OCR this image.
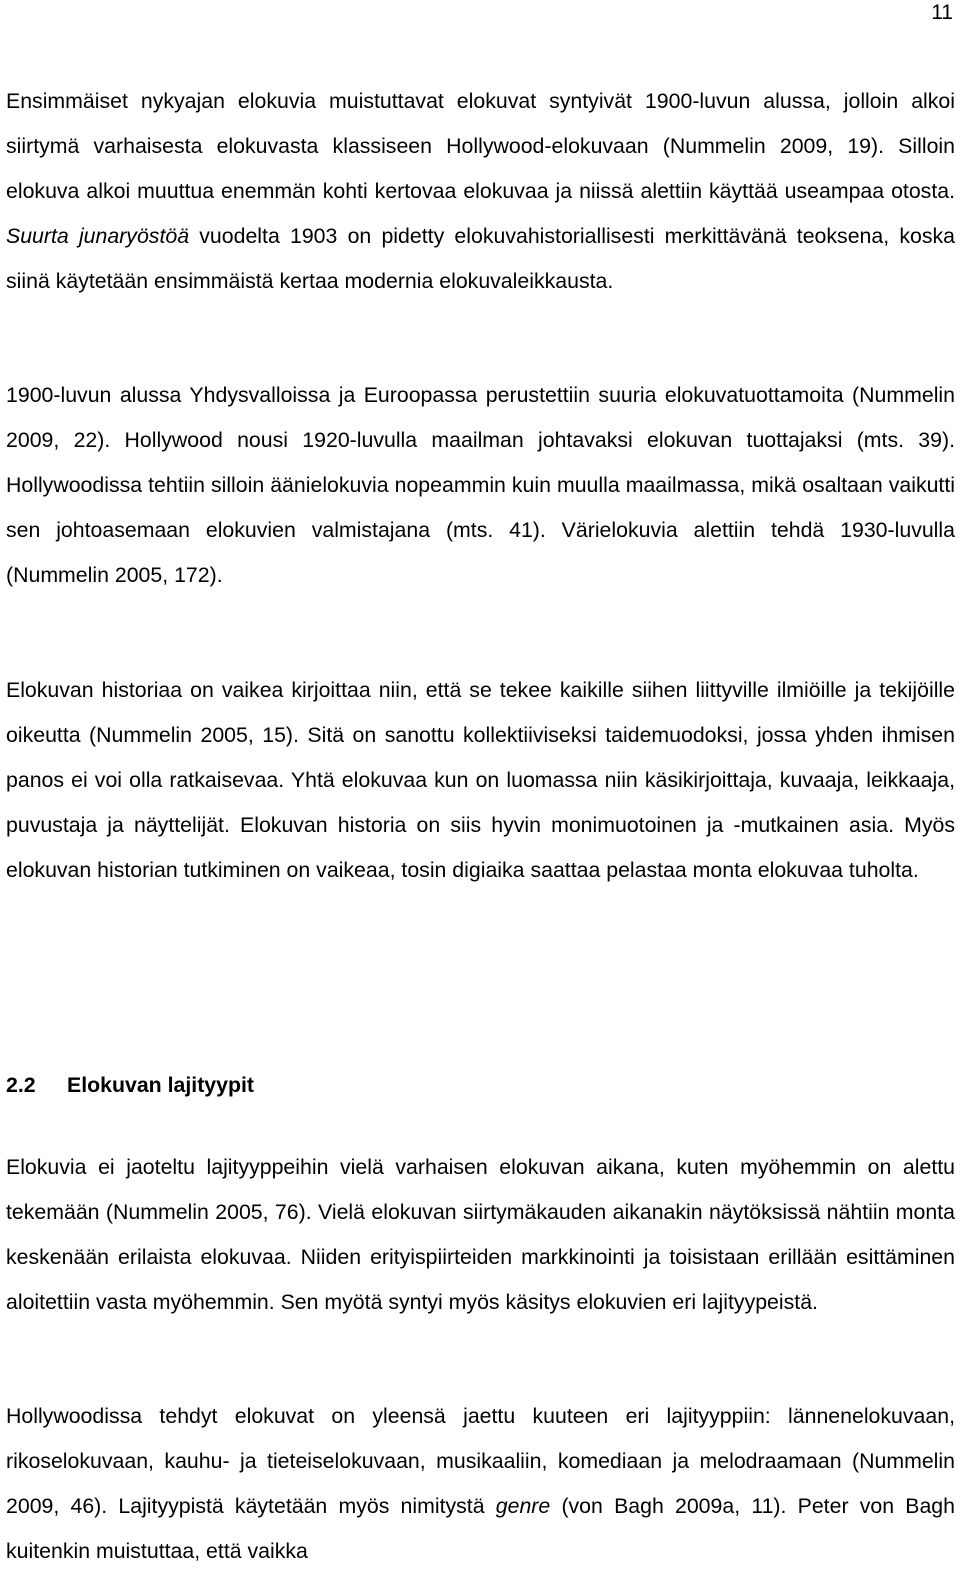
11

Ensimmäiset nykyajan elokuvia muistuttavat elokuvat syntyivät 1900-luvun alussa, jolloin alkoi siirtymä varhaisesta elokuvasta klassiseen Hollywood-elokuvaan (Nummelin 2009, 19). Silloin elokuva alkoi muuttua enemmän kohti kertovaa elokuvaa ja niissä alettiin käyttää useampaa otosta. Suurta junaryöstöä vuodelta 1903 on pidetty elokuvahistoriallisesti merkittävänä teoksena, koska siinä käytetään ensimmäistä kertaa modernia elokuvaleikkausta.

1900-luvun alussa Yhdysvalloissa ja Euroopassa perustettiin suuria elokuvatuottamoita (Nummelin 2009, 22). Hollywood nousi 1920-luvulla maailman johtavaksi elokuvan tuottajaksi (mts. 39). Hollywoodissa tehtiin silloin äänielokuvia nopeammin kuin muulla maailmassa, mikä osaltaan vaikutti sen johtoasemaan elokuvien valmistajana (mts. 41). Värielokuvia alettiin tehdä 1930-luvulla (Nummelin 2005, 172).

Elokuvan historiaa on vaikea kirjoittaa niin, että se tekee kaikille siihen liittyville ilmiöille ja tekijöille oikeutta (Nummelin 2005, 15). Sitä on sanottu kollektiiviseksi taidemuodoksi, jossa yhden ihmisen panos ei voi olla ratkaisevaa. Yhtä elokuvaa kun on luomassa niin käsikirjoittaja, kuvaaja, leikkaaja, puvustaja ja näyttelijät. Elokuvan historia on siis hyvin monimuotoinen ja -mutkainen asia. Myös elokuvan historian tutkiminen on vaikeaa, tosin digiaika saattaa pelastaa monta elokuvaa tuholta.

2.2 Elokuvan lajityypit

Elokuvia ei jaoteltu lajityyppeihin vielä varhaisen elokuvan aikana, kuten myöhemmin on alettu tekemään (Nummelin 2005, 76). Vielä elokuvan siirtymäkauden aikanakin näytöksissä nähtiin monta keskenään erilaista elokuvaa. Niiden erityispiirteiden markkinointi ja toisistaan erillään esittäminen aloitettiin vasta myöhemmin. Sen myötä syntyi myös käsitys elokuvien eri lajityypeistä.

Hollywoodissa tehdyt elokuvat on yleensä jaettu kuuteen eri lajityyppiin: lännenelokuvaan, rikoselokuvaan, kauhu- ja tieteiselokuvaan, musikaaliin, komediaan ja melodraamaan (Nummelin 2009, 46). Lajityypistä käytetään myös nimitystä genre (von Bagh 2009a, 11). Peter von Bagh kuitenkin muistuttaa, että vaikka
